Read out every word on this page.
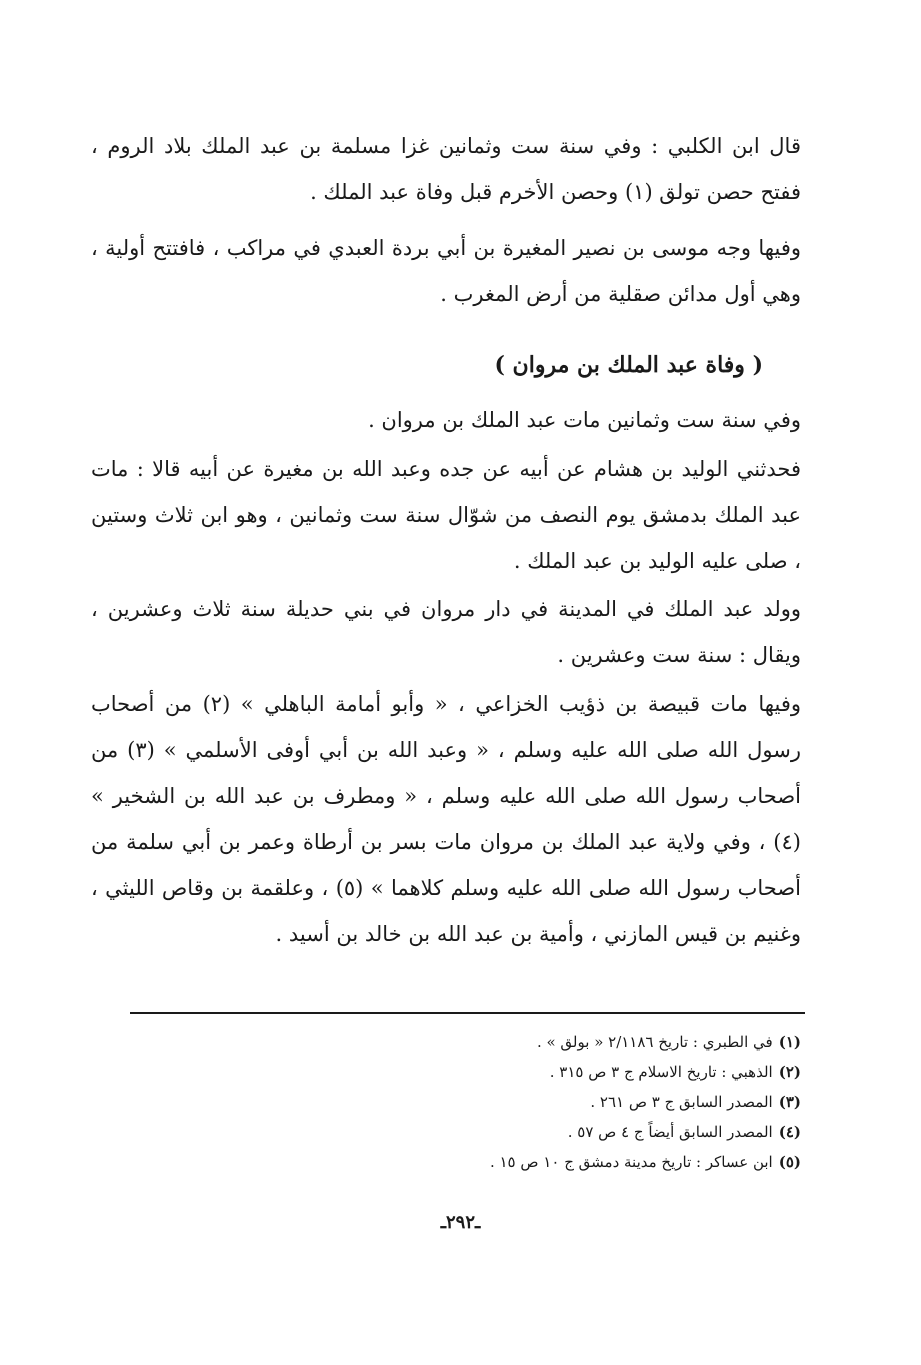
قال ابن الكلبي : وفي سنة ست وثمانين غزا مسلمة بن عبد الملك بلاد الروم ، ففتح حصن تولق (١) وحصن الأخرم قبل وفاة عبد الملك .

وفيها وجه موسى بن نصير المغيرة بن أبي بردة العبدي في مراكب ، فافتتح أولية ، وهي أول مدائن صقلية من أرض المغرب .

( وفاة عبد الملك بن مروان )

وفي سنة ست وثمانين مات عبد الملك بن مروان .

فحدثني الوليد بن هشام عن أبيه عن جده وعبد الله بن مغيرة عن أبيه قالا : مات عبد الملك بدمشق يوم النصف من شوّال سنة ست وثمانين ، وهو ابن ثلاث وستين ، صلى عليه الوليد بن عبد الملك .

وولد عبد الملك في المدينة في دار مروان في بني حديلة سنة ثلاث وعشرين ، ويقال : سنة ست وعشرين .

وفيها مات قبيصة بن ذؤيب الخزاعي ، « وأبو أمامة الباهلي » (٢) من أصحاب رسول الله صلى الله عليه وسلم ، « وعبد الله بن أبي أوفى الأسلمي » (٣) من أصحاب رسول الله صلى الله عليه وسلم ، « ومطرف بن عبد الله بن الشخير » (٤) ، وفي ولاية عبد الملك بن مروان مات بسر بن أرطاة وعمر بن أبي سلمة من أصحاب رسول الله صلى الله عليه وسلم كلاهما » (٥) ، وعلقمة بن وقاص الليثي ، وغنيم بن قيس المازني ، وأمية بن عبد الله بن خالد بن أسيد .

(١)
في الطبري : تاريخ ٢/١١٨٦ « بولق » .
(٢)
الذهبي : تاريخ الاسلام ج ٣ ص ٣١٥ .
(٣)
المصدر السابق ج ٣ ص ٢٦١ .
(٤)
المصدر السابق أيضاً ج ٤ ص ٥٧ .
(٥)
ابن عساكر : تاريخ مدينة دمشق ج ١٠ ص ١٥ .
ـ٢٩٢ـ
